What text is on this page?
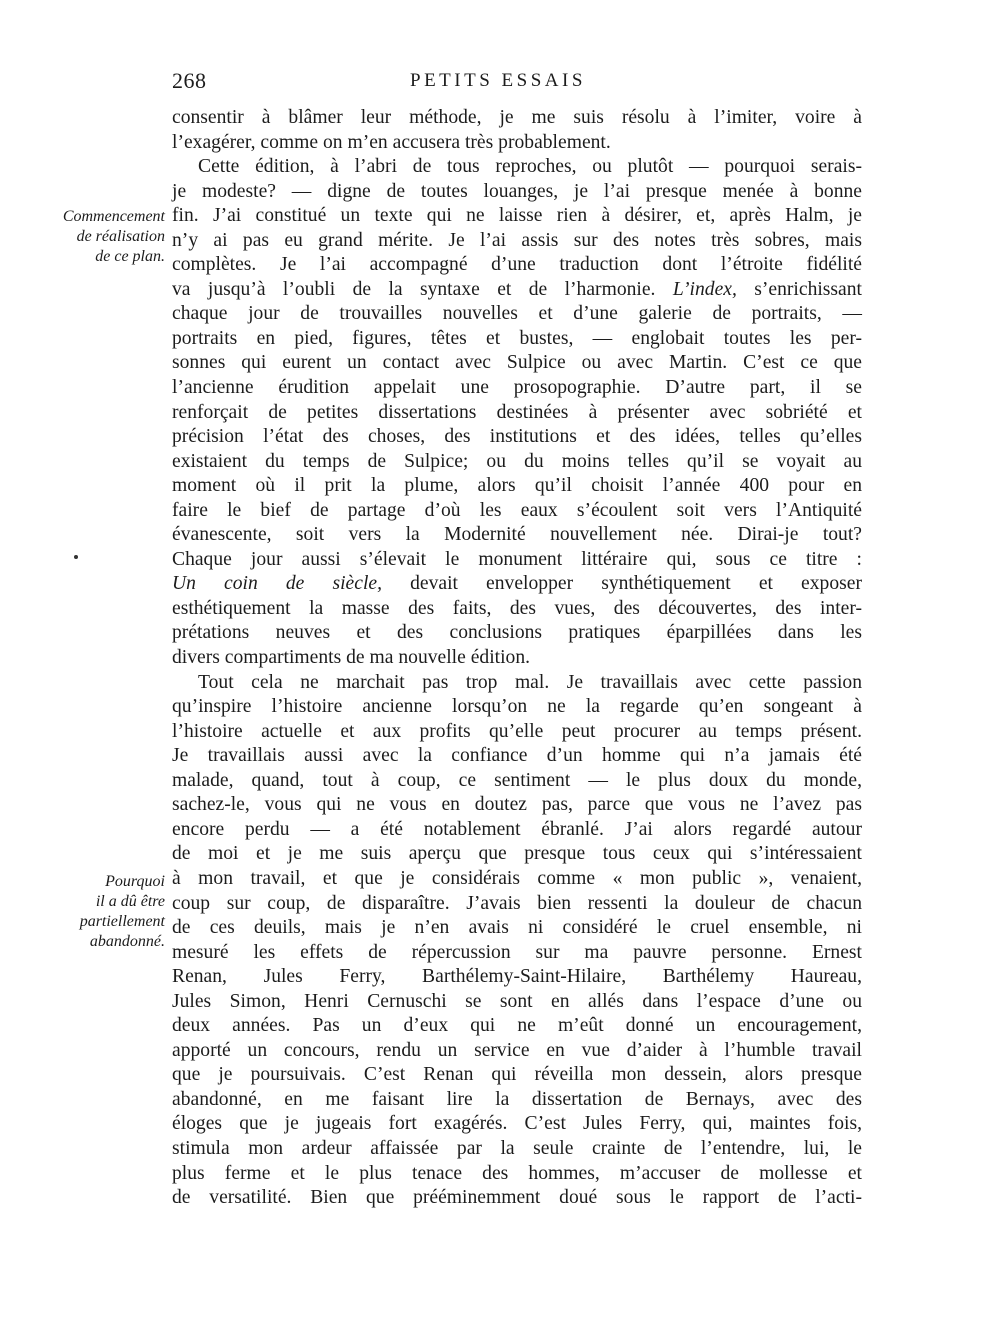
268	PETITS ESSAIS
Commencement
de réalisation
de ce plan.
Pourquoi
il a dû être
partiellement
abandonné.
consentir à blâmer leur méthode, je me suis résolu à l’imiter, voire à
l’exagérer, comme on m’en accusera très probablement.
Cette édition, à l’abri de tous reproches, ou plutôt — pourquoi serais-
je modeste? — digne de toutes louanges, je l’ai presque menée à bonne
fin. J’ai constitué un texte qui ne laisse rien à désirer, et, après Halm, je
n’y ai pas eu grand mérite. Je l’ai assis sur des notes très sobres, mais
complètes. Je l’ai accompagné d’une traduction dont l’étroite fidélité
va jusqu’à l’oubli de la syntaxe et de l’harmonie. L’index, s’enrichissant
chaque jour de trouvailles nouvelles et d’une galerie de portraits, —
portraits en pied, figures, têtes et bustes, — englobait toutes les per-
sonnes qui eurent un contact avec Sulpice ou avec Martin. C’est ce que
l’ancienne érudition appelait une prosopographie. D’autre part, il se
renforçait de petites dissertations destinées à présenter avec sobriété et
précision l’état des choses, des institutions et des idées, telles qu’elles
existaient du temps de Sulpice; ou du moins telles qu’il se voyait au
moment où il prit la plume, alors qu’il choisit l’année 400 pour en
faire le bief de partage d’où les eaux s’écoulent soit vers l’Antiquité
évanescente, soit vers la Modernité nouvellement née. Dirai-je tout?
Chaque jour aussi s’élevait le monument littéraire qui, sous ce titre :
Un coin de siècle, devait envelopper synthétiquement et exposer
esthétiquement la masse des faits, des vues, des découvertes, des inter-
prétations neuves et des conclusions pratiques éparpillées dans les
divers compartiments de ma nouvelle édition.
Tout cela ne marchait pas trop mal. Je travaillais avec cette passion
qu’inspire l’histoire ancienne lorsqu’on ne la regarde qu’en songeant à
l’histoire actuelle et aux profits qu’elle peut procurer au temps présent.
Je travaillais aussi avec la confiance d’un homme qui n’a jamais été
malade, quand, tout à coup, ce sentiment — le plus doux du monde,
sachez-le, vous qui ne vous en doutez pas, parce que vous ne l’avez pas
encore perdu — a été notablement ébranlé. J’ai alors regardé autour
de moi et je me suis aperçu que presque tous ceux qui s’intéressaient
à mon travail, et que je considérais comme « mon public », venaient,
coup sur coup, de disparaître. J’avais bien ressenti la douleur de chacun
de ces deuils, mais je n’en avais ni considéré le cruel ensemble, ni
mesuré les effets de répercussion sur ma pauvre personne. Ernest
Renan, Jules Ferry, Barthélemy-Saint-Hilaire, Barthélemy Haureau,
Jules Simon, Henri Cernuschi se sont en allés dans l’espace d’une ou
deux années. Pas un d’eux qui ne m’eût donné un encouragement,
apporté un concours, rendu un service en vue d’aider à l’humble travail
que je poursuivais. C’est Renan qui réveilla mon dessein, alors presque
abandonné, en me faisant lire la dissertation de Bernays, avec des
éloges que je jugeais fort exagérés. C’est Jules Ferry, qui, maintes fois,
stimula mon ardeur affaissée par la seule crainte de l’entendre, lui, le
plus ferme et le plus tenace des hommes, m’accuser de mollesse et
de versatilité. Bien que prééminemment doué sous le rapport de l’acti-
